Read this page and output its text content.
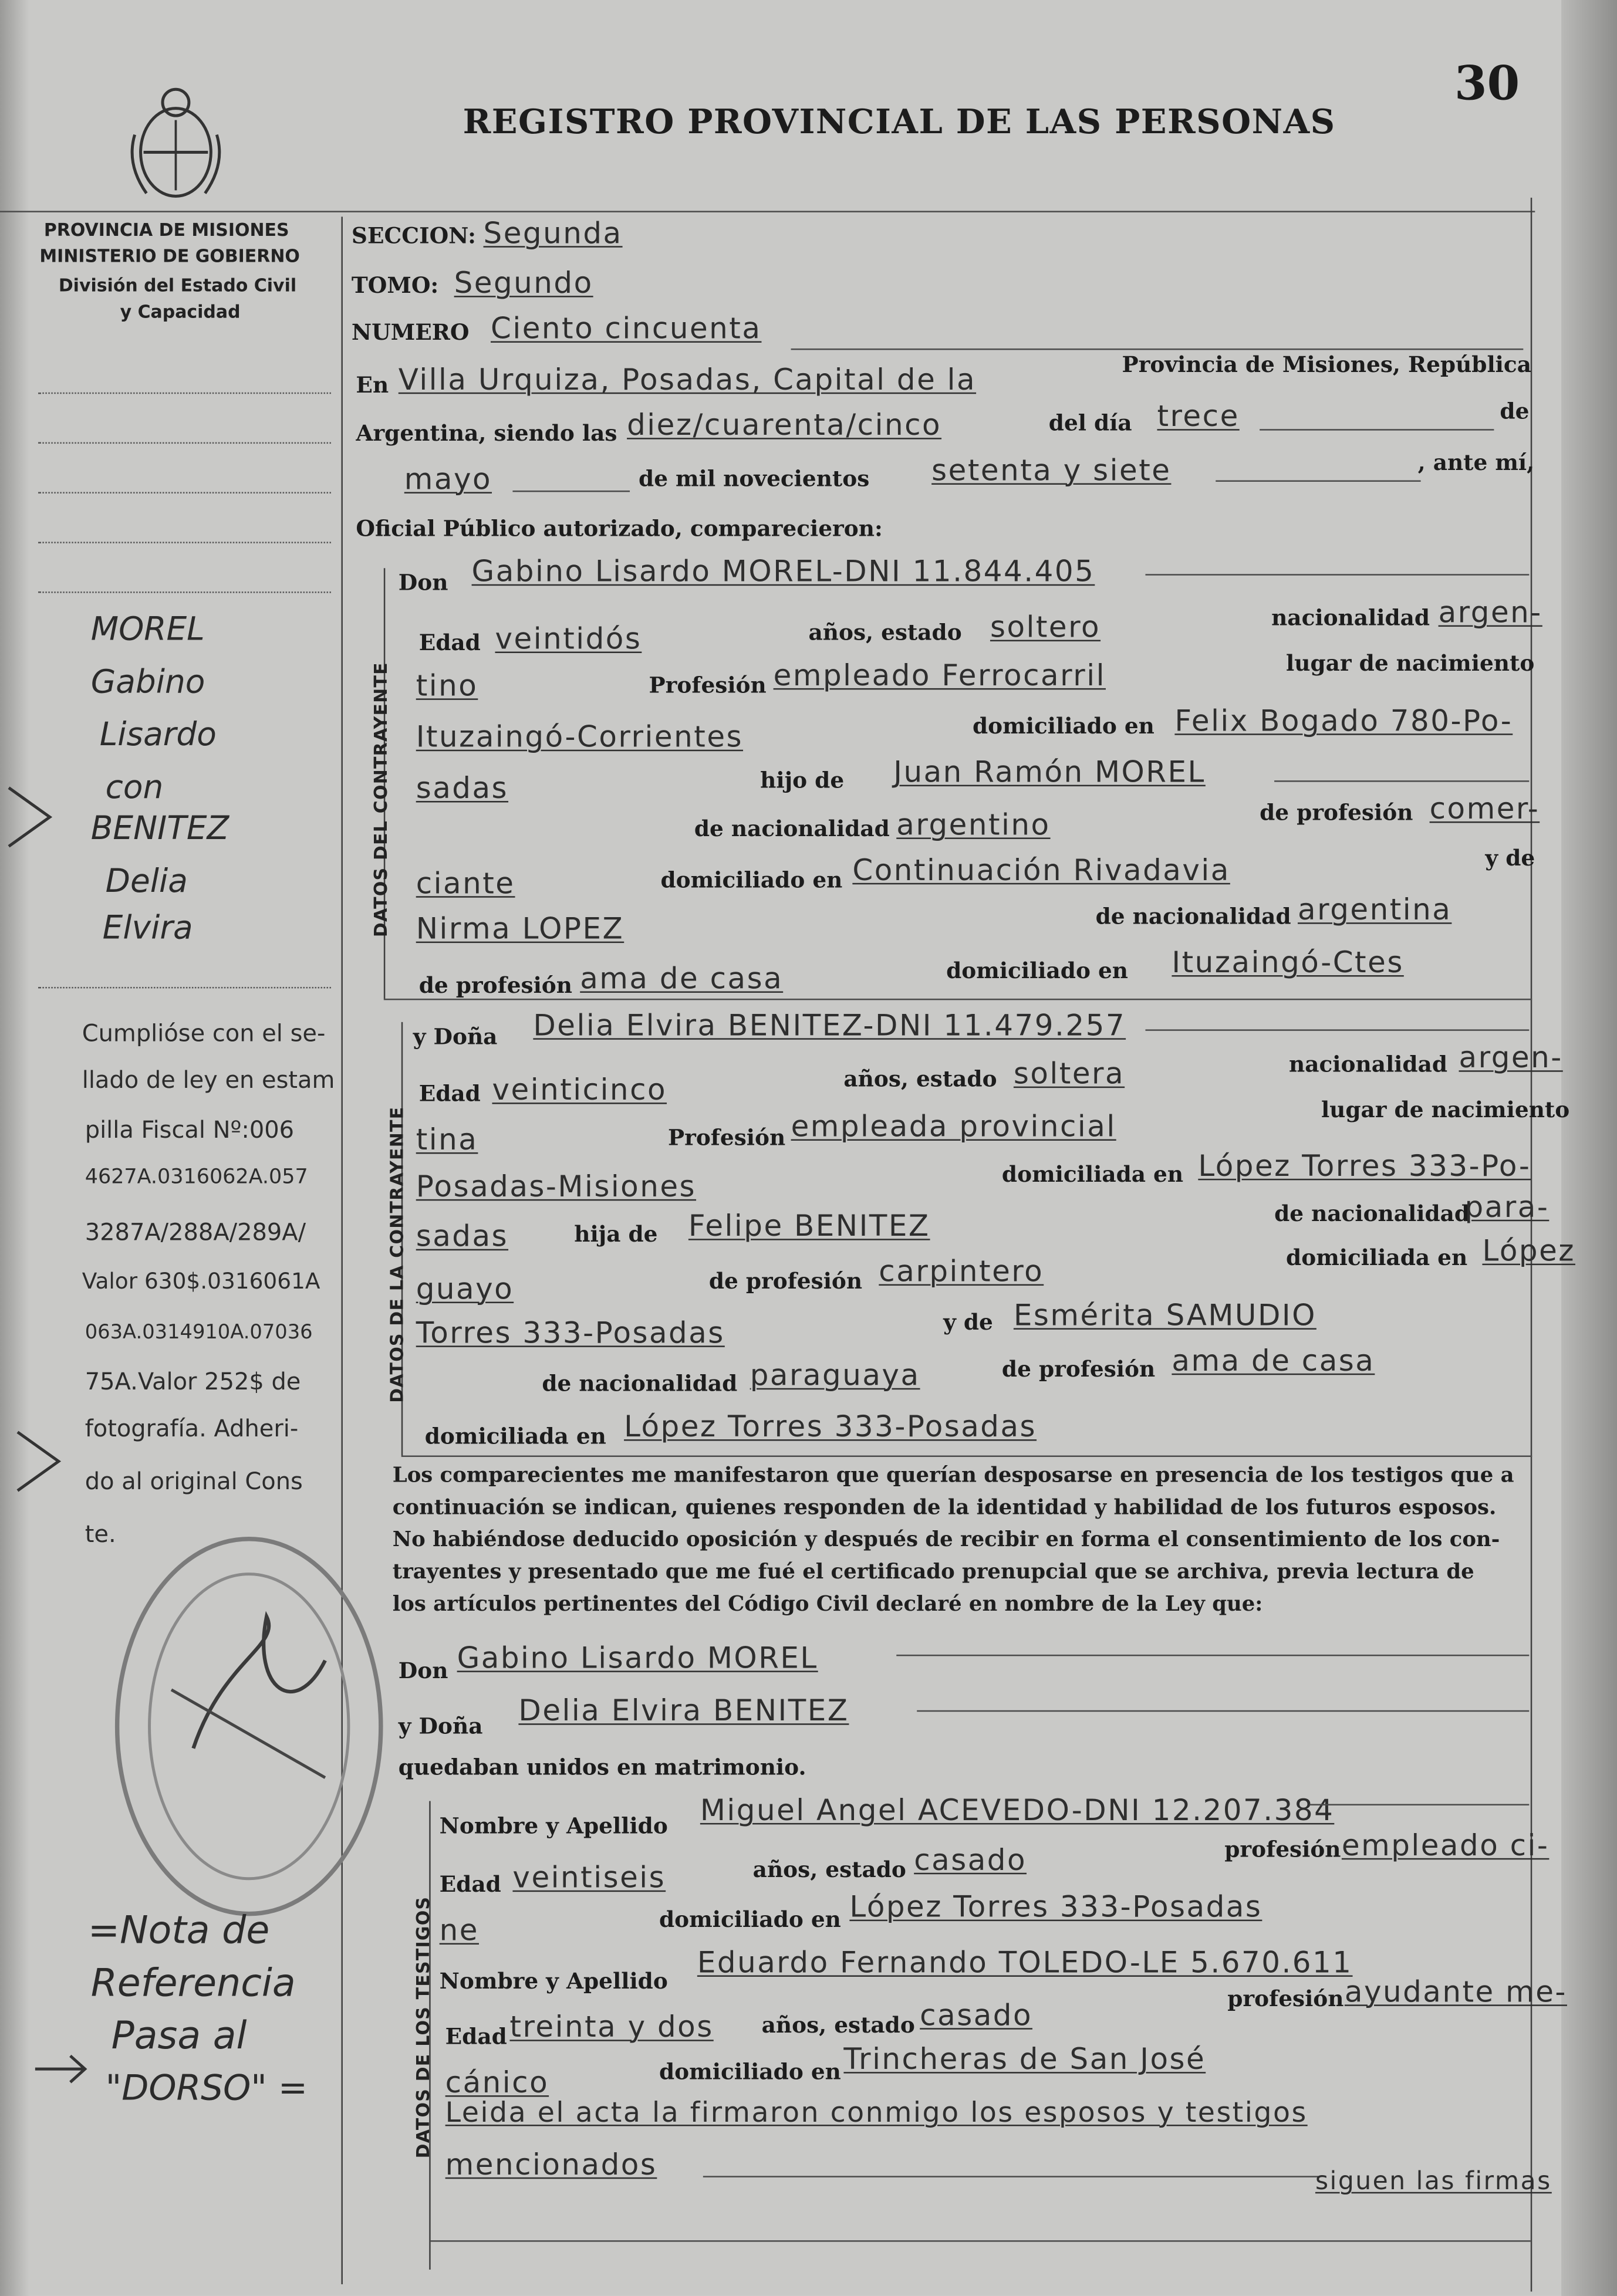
30
REGISTRO PROVINCIAL DE LAS PERSONAS
PROVINCIA DE MISIONES
MINISTERIO DE GOBIERNO
División del Estado Civil
y Capacidad
SECCION: Segunda
TOMO: Segundo
NUMERO Ciento cincuenta
En Villa Urquiza, Posadas, Capital de la	Provincia de Misiones, República
Argentina, siendo las diez/cuarenta/cinco	del día trece	de
mayo	de mil novecientos	setenta y siete	, ante mí,
Oficial Público autorizado, comparecieron:
DATOS DEL CONTRAYENTE
Don Gabino Lisardo MOREL-DNI 11.844.405
Edad veintidós	años, estado soltero	nacionalidad argen-
tino	Profesión empleado Ferrocarril	lugar de nacimiento
Ituzaingó-Corrientes	domiciliado en Felix Bogado 780-Po-
sadas	hijo de	Juan Ramón MOREL
de nacionalidad argentino	de profesión comer-
ciante	domiciliado en Continuación Rivadavia	y de
Nirma LOPEZ	de nacionalidad argentina
de profesión ama de casa	domiciliado en	Ituzaingó-Ctes
DATOS DE LA CONTRAYENTE
y Doña	Delia Elvira BENITEZ-DNI 11.479.257
Edad veinticinco	años, estado soltera	nacionalidad argen-
tina	Profesión empleada provincial	lugar de nacimiento
Posadas-Misiones	domiciliada en López Torres 333-Po-
sadas	hija de	Felipe BENITEZ	de nacionalidad
para-
guayo	de profesión carpintero	domiciliada en López
Torres 333-Posadas	y de Esmérita SAMUDIO
de nacionalidad paraguaya	de profesión ama de casa
domiciliada en López Torres 333-Posadas
Los comparecientes me manifestaron que querían desposarse en presencia de los testigos que a
continuación se indican, quienes responden de la identidad y habilidad de los futuros esposos.
No habiéndose deducido oposición y después de recibir en forma el consentimiento de los con-
trayentes y presentado que me fué el certificado prenupcial que se archiva, previa lectura de
los artículos pertinentes del Código Civil declaré en nombre de la Ley que:
Don Gabino Lisardo MOREL
y Doña	Delia Elvira BENITEZ
quedaban unidos en matrimonio.
DATOS DE LOS TESTIGOS
Nombre y Apellido	Miguel Angel ACEVEDO-DNI 12.207.384
Edad veintiseis	años, estado casado	profesión empleado ci-
ne	domiciliado en López Torres 333-Posadas
Nombre y Apellido
Eduardo Fernando TOLEDO-LE 5.670.611
Edad treinta y dos	años, estado casado	profesión ayudante me-
cánico	domiciliado en Trincheras de San José
Leida el acta la firmaron conmigo los esposos y testigos
mencionados	siguen las firmas
MOREL
Gabino
Lisardo
con
BENITEZ
Delia
Elvira
Cumplióse con el se-
llado de ley en estam
pilla Fiscal Nº:006
4627A.0316062A.057
3287A/288A/289A/
Valor 630$.0316061A
063A.0314910A.07036
75A.Valor 252$ de
fotografía. Adheri-
do al original Cons
te.
=Nota de
Referencia
Pasa al
"DORSO" =
